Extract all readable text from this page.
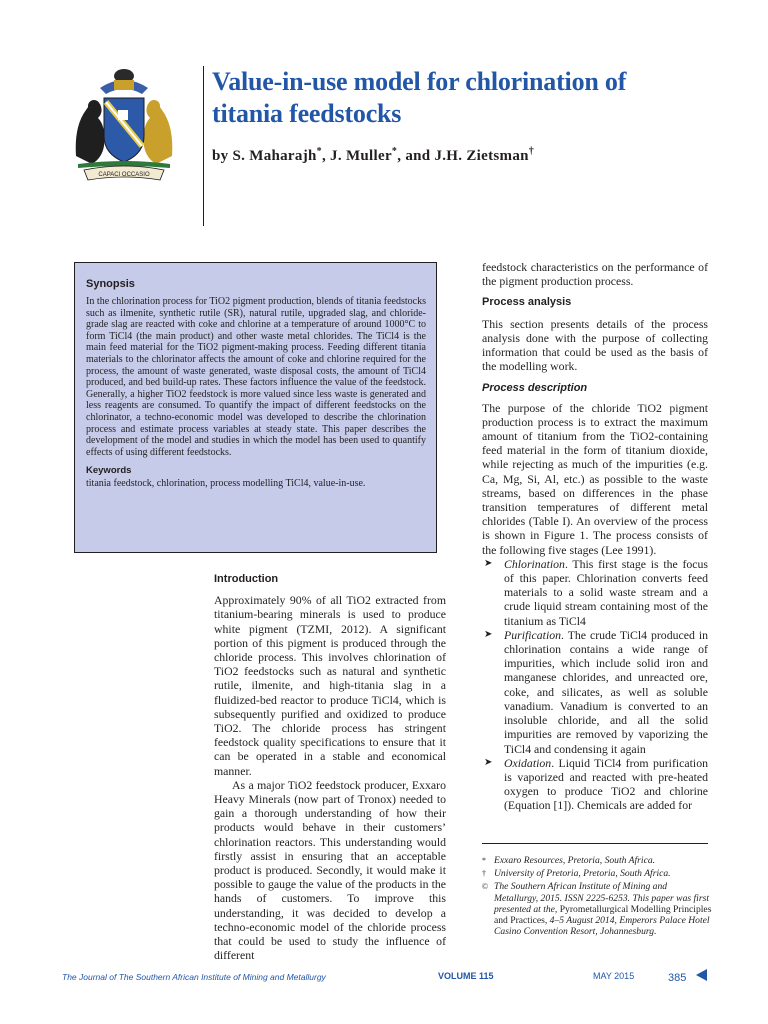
CAPACI OCCASIO
Value-in-use model for chlorination of
titania feedstocks
by S. Maharajh*, J. Muller*, and J.H. Zietsman†
Synopsis

In the chlorination process for TiO2 pigment production, blends of titania feedstocks such as ilmenite, synthetic rutile (SR), natural rutile, upgraded slag, and chloride-grade slag are reacted with coke and chlorine at a temperature of around 1000°C to form TiCl4 (the main product) and other waste metal chlorides. The TiCl4 is the main feed material for the TiO2 pigment-making process. Feeding different titania materials to the chlorinator affects the amount of coke and chlorine required for the process, the amount of waste generated, waste disposal costs, the amount of TiCl4 produced, and bed build-up rates. These factors influence the value of the feedstock. Generally, a higher TiO2 feedstock is more valued since less waste is generated and less reagents are consumed. To quantify the impact of different feedstocks on the chlorinator, a techno-economic model was developed to describe the chlorination process and estimate process variables at steady state. This paper describes the development of the model and studies in which the model has been used to quantify effects of using different feedstocks.

Keywords

titania feedstock, chlorination, process modelling TiCl4, value-in-use.

Introduction

Approximately 90% of all TiO2 extracted from titanium-bearing minerals is used to produce white pigment (TZMI, 2012). A significant portion of this pigment is produced through the chloride process. This involves chlorination of TiO2 feedstocks such as natural and synthetic rutile, ilmenite, and high-titania slag in a fluidized-bed reactor to produce TiCl4, which is subsequently purified and oxidized to produce TiO2. The chloride process has stringent feedstock quality specifications to ensure that it can be operated in a stable and economical manner.

As a major TiO2 feedstock producer, Exxaro Heavy Minerals (now part of Tronox) needed to gain a thorough understanding of how their products would behave in their customers’ chlorination reactors. This understanding would firstly assist in ensuring that an acceptable product is produced. Secondly, it would make it possible to gauge the value of the products in the hands of customers. To improve this understanding, it was decided to develop a techno-economic model of the chloride process that could be used to study the influence of different

feedstock characteristics on the performance of the pigment production process.

Process analysis

This section presents details of the process analysis done with the purpose of collecting information that could be used as the basis of the modelling work.

Process description

The purpose of the chloride TiO2 pigment production process is to extract the maximum amount of titanium from the TiO2-containing feed material in the form of titanium dioxide, while rejecting as much of the impurities (e.g. Ca, Mg, Si, Al, etc.) as possible to the waste streams, based on differences in the phase transition temperatures of different metal chlorides (Table I). An overview of the process is shown in Figure 1. The process consists of the following five stages (Lee 1991).

➤ Chlorination. This first stage is the focus of this paper. Chlorination converts feed materials to a solid waste stream and a crude liquid stream containing most of the titanium as TiCl4
➤ Purification. The crude TiCl4 produced in chlorination contains a wide range of impurities, which include solid iron and manganese chlorides, and unreacted ore, coke, and silicates, as well as soluble vanadium. Vanadium is converted to an insoluble chloride, and all the solid impurities are removed by vaporizing the TiCl4 and condensing it again
➤ Oxidation. Liquid TiCl4 from purification is vaporized and reacted with pre-heated oxygen to produce TiO2 and chlorine (Equation [1]). Chemicals are added for
* Exxaro Resources, Pretoria, South Africa.
† University of Pretoria, Pretoria, South Africa.
© The Southern African Institute of Mining and Metallurgy, 2015. ISSN 2225-6253. This paper was first presented at the, Pyrometallurgical Modelling Principles and Practices, 4–5 August 2014, Emperors Palace Hotel Casino Convention Resort, Johannesburg.
The Journal of The Southern African Institute of Mining and Metallurgy	VOLUME 115	MAY 2015	385
